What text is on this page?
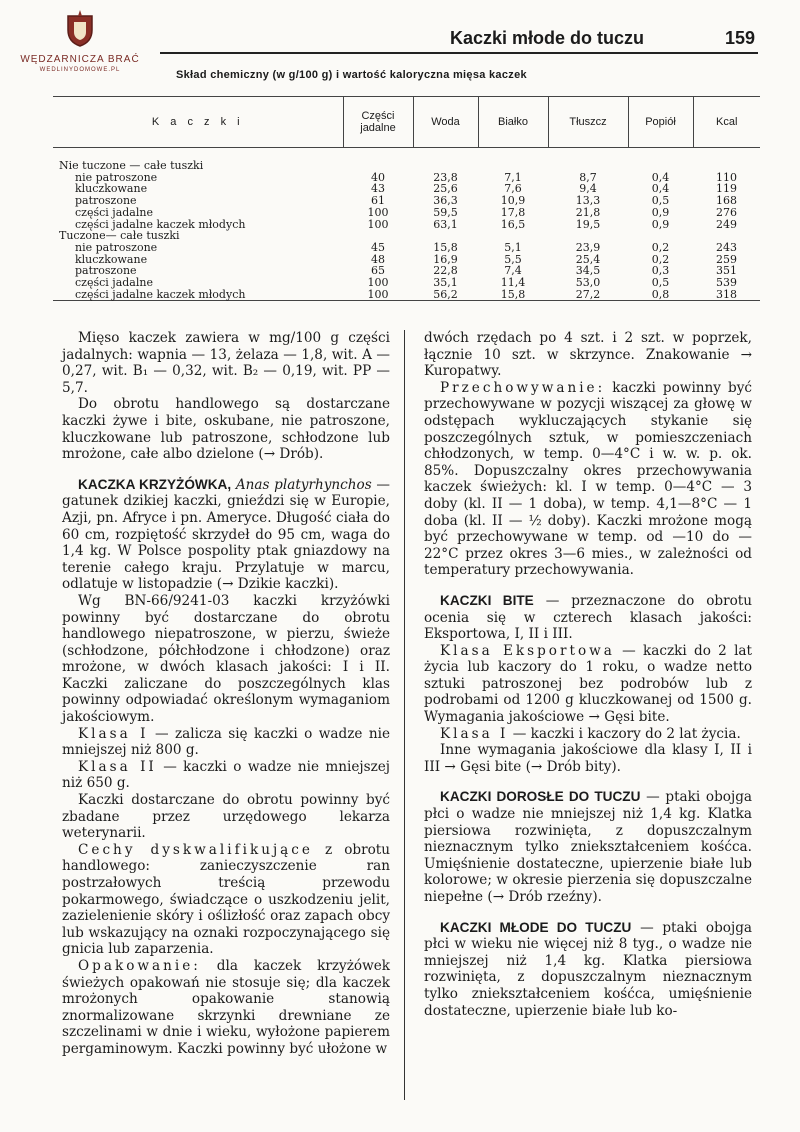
WĘDZARNICZA BRAĆ
WEDLINYDOMOWE.PL
Kaczki młode do tuczu	159
Skład chemiczny (w g/100 g) i wartość kaloryczna mięsa kaczek
K a c z k i	Części jadalne	Woda	Białko	Tłuszcz	Popiół	Kcal
Nie tuczone — całe tuszki						
nie patroszone	40	23,8	7,1	8,7	0,4	110
kluczkowane	43	25,6	7,6	9,4	0,4	119
patroszone	61	36,3	10,9	13,3	0,5	168
części jadalne	100	59,5	17,8	21,8	0,9	276
części jadalne kaczek młodych	100	63,1	16,5	19,5	0,9	249
Tuczone— całe tuszki						
nie patroszone	45	15,8	5,1	23,9	0,2	243
kluczkowane	48	16,9	5,5	25,4	0,2	259
patroszone	65	22,8	7,4	34,5	0,3	351
części jadalne	100	35,1	11,4	53,0	0,5	539
części jadalne kaczek młodych	100	56,2	15,8	27,2	0,8	318

Mięso kaczek zawiera w mg/100 g części jadalnych: wapnia — 13, żelaza — 1,8, wit. A — 0,27, wit. B₁ — 0,32, wit. B₂ — 0,19, wit. PP — 5,7.

Do obrotu handlowego są dostarczane kaczki żywe i bite, oskubane, nie patroszone, kluczkowane lub patroszone, schłodzone lub mrożone, całe albo dzielone (→ Drób).

KACZKA KRZYŻÓWKA, Anas platyrhynchos — gatunek dzikiej kaczki, gnieździ się w Europie, Azji, pn. Afryce i pn. Ameryce. Długość ciała do 60 cm, rozpiętość skrzydeł do 95 cm, waga do 1,4 kg. W Polsce pospolity ptak gniazdowy na terenie całego kraju. Przylatuje w marcu, odlatuje w listopadzie (→ Dzikie kaczki).

Wg BN-66/9241-03 kaczki krzyżówki powinny być dostarczane do obrotu handlowego niepatroszone, w pierzu, świeże (schłodzone, półchłodzone i chłodzone) oraz mrożone, w dwóch klasach jakości: I i II. Kaczki zaliczane do poszczególnych klas powinny odpowiadać określonym wymaganiom jakościowym.

Klasa I — zalicza się kaczki o wadze nie mniejszej niż 800 g.

Klasa II — kaczki o wadze nie mniejszej niż 650 g.

Kaczki dostarczane do obrotu powinny być zbadane przez urzędowego lekarza weterynarii.

Cechy dyskwalifikujące z obrotu handlowego: zanieczyszczenie ran postrzałowych treścią przewodu pokarmowego, świadczące o uszkodzeniu jelit, zazielenienie skóry i oślizłość oraz zapach obcy lub wskazujący na oznaki rozpoczynającego się gnicia lub zaparzenia.

Opakowanie: dla kaczek krzyżówek świeżych opakowań nie stosuje się; dla kaczek mrożonych opakowanie stanowią znormalizowane skrzynki drewniane ze szczelinami w dnie i wieku, wyłożone papierem pergaminowym. Kaczki powinny być ułożone w

dwóch rzędach po 4 szt. i 2 szt. w poprzek, łącznie 10 szt. w skrzynce. Znakowanie → Kuropatwy.

Przechowywanie: kaczki powinny być przechowywane w pozycji wiszącej za głowę w odstępach wykluczających stykanie się poszczególnych sztuk, w pomieszczeniach chłodzonych, w temp. 0—4°C i w. w. p. ok. 85%. Dopuszczalny okres przechowywania kaczek świeżych: kl. I w temp. 0—4°C — 3 doby (kl. II — 1 doba), w temp. 4,1—8°C — 1 doba (kl. II — ½ doby). Kaczki mrożone mogą być przechowywane w temp. od —10 do —22°C przez okres 3—6 mies., w zależności od temperatury przechowywania.

KACZKI BITE — przeznaczone do obrotu ocenia się w czterech klasach jakości: Eksportowa, I, II i III.

Klasa Eksportowa — kaczki do 2 lat życia lub kaczory do 1 roku, o wadze netto sztuki patroszonej bez podrobów lub z podrobami od 1200 g kluczkowanej od 1500 g. Wymagania jakościowe → Gęsi bite.

Klasa I — kaczki i kaczory do 2 lat życia.

Inne wymagania jakościowe dla klasy I, II i III → Gęsi bite (→ Drób bity).

KACZKI DOROSŁE DO TUCZU — ptaki obojga płci o wadze nie mniejszej niż 1,4 kg. Klatka piersiowa rozwinięta, z dopuszczalnym nieznacznym tylko zniekształceniem kośćca. Umięśnienie dostateczne, upierzenie białe lub kolorowe; w okresie pierzenia się dopuszczalne niepełne (→ Drób rzeźny).

KACZKI MŁODE DO TUCZU — ptaki obojga płci w wieku nie więcej niż 8 tyg., o wadze nie mniejszej niż 1,4 kg. Klatka piersiowa rozwinięta, z dopuszczalnym nieznacznym tylko zniekształceniem kośćca, umięśnienie dostateczne, upierzenie białe lub ko-
